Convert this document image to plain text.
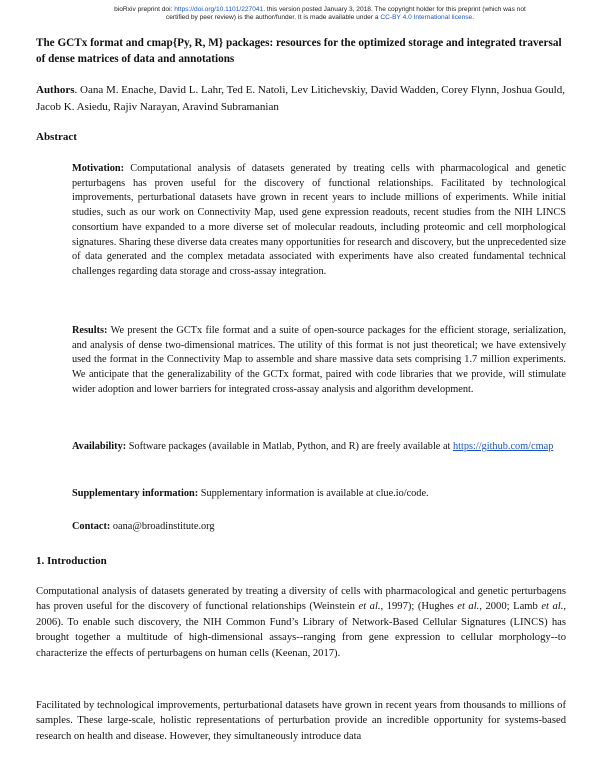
bioRxiv preprint doi: https://doi.org/10.1101/227041. this version posted January 3, 2018. The copyright holder for this preprint (which was not
certified by peer review) is the author/funder. It is made available under a CC-BY 4.0 International license.
The GCTx format and cmap{Py, R, M} packages: resources for the optimized storage and integrated traversal of dense matrices of data and annotations
Authors. Oana M. Enache, David L. Lahr, Ted E. Natoli, Lev Litichevskiy, David Wadden, Corey Flynn, Joshua Gould, Jacob K. Asiedu, Rajiv Narayan, Aravind Subramanian
Abstract
Motivation: Computational analysis of datasets generated by treating cells with pharmacological and genetic perturbagens has proven useful for the discovery of functional relationships. Facilitated by technological improvements, perturbational datasets have grown in recent years to include millions of experiments. While initial studies, such as our work on Connectivity Map, used gene expression readouts, recent studies from the NIH LINCS consortium have expanded to a more diverse set of molecular readouts, including proteomic and cell morphological signatures. Sharing these diverse data creates many opportunities for research and discovery, but the unprecedented size of data generated and the complex metadata associated with experiments have also created fundamental technical challenges regarding data storage and cross-assay integration.
Results: We present the GCTx file format and a suite of open-source packages for the efficient storage, serialization, and analysis of dense two-dimensional matrices. The utility of this format is not just theoretical; we have extensively used the format in the Connectivity Map to assemble and share massive data sets comprising 1.7 million experiments. We anticipate that the generalizability of the GCTx format, paired with code libraries that we provide, will stimulate wider adoption and lower barriers for integrated cross-assay analysis and algorithm development.
Availability: Software packages (available in Matlab, Python, and R) are freely available at https://github.com/cmap
Supplementary information: Supplementary information is available at clue.io/code.
Contact: oana@broadinstitute.org
1. Introduction
Computational analysis of datasets generated by treating a diversity of cells with pharmacological and genetic perturbagens has proven useful for the discovery of functional relationships (Weinstein et al., 1997); (Hughes et al., 2000; Lamb et al., 2006). To enable such discovery, the NIH Common Fund’s Library of Network-Based Cellular Signatures (LINCS) has brought together a multitude of high-dimensional assays--ranging from gene expression to cellular morphology--to characterize the effects of perturbagens on human cells (Keenan, 2017).
Facilitated by technological improvements, perturbational datasets have grown in recent years from thousands to millions of samples. These large-scale, holistic representations of perturbation provide an incredible opportunity for systems-based research on health and disease. However, they simultaneously introduce data
